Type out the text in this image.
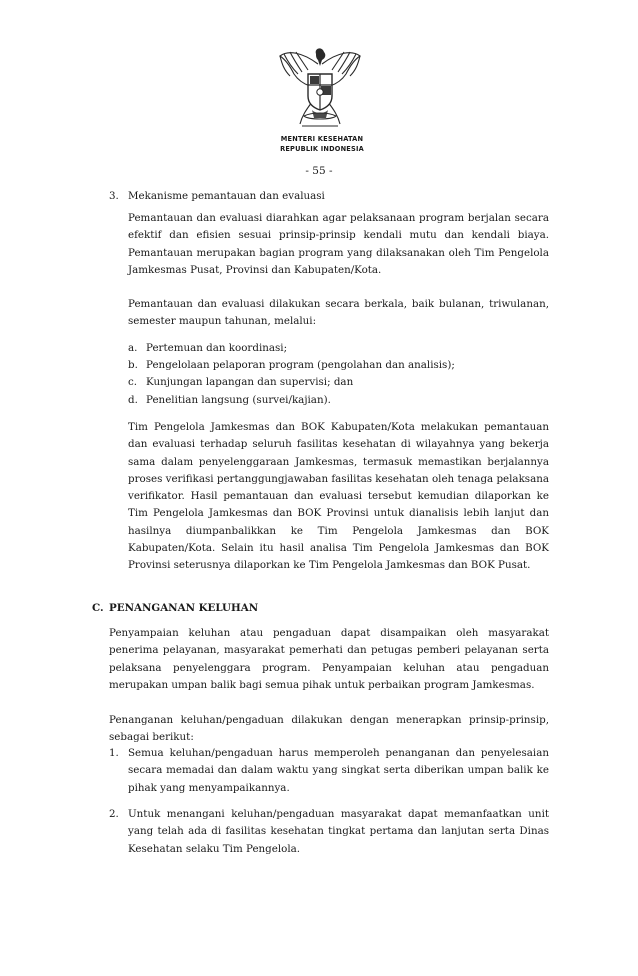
MENTERI KESEHATAN
REPUBLIK INDONESIA
- 55 -
3. Mekanisme pemantauan dan evaluasi
Pemantauan dan evaluasi diarahkan agar pelaksanaan program berjalan secara efektif dan efisien sesuai prinsip-prinsip kendali mutu dan kendali biaya. Pemantauan merupakan bagian program yang dilaksanakan oleh Tim Pengelola Jamkesmas Pusat, Provinsi dan Kabupaten/Kota.
Pemantauan dan evaluasi dilakukan secara berkala, baik bulanan, triwulanan, semester maupun tahunan, melalui:
a. Pertemuan dan koordinasi;
b. Pengelolaan pelaporan program (pengolahan dan analisis);
c. Kunjungan lapangan dan supervisi; dan
d. Penelitian langsung (survei/kajian).
Tim Pengelola Jamkesmas dan BOK Kabupaten/Kota melakukan pemantauan dan evaluasi terhadap seluruh fasilitas kesehatan di wilayahnya yang bekerja sama dalam penyelenggaraan Jamkesmas, termasuk memastikan berjalannya proses verifikasi pertanggungjawaban fasilitas kesehatan oleh tenaga pelaksana verifikator. Hasil pemantauan dan evaluasi tersebut kemudian dilaporkan ke Tim Pengelola Jamkesmas dan BOK Provinsi untuk dianalisis lebih lanjut dan hasilnya diumpanbalikkan ke Tim Pengelola Jamkesmas dan BOK Kabupaten/Kota. Selain itu hasil analisa Tim Pengelola Jamkesmas dan BOK Provinsi seterusnya dilaporkan ke Tim Pengelola Jamkesmas dan BOK Pusat.
C. PENANGANAN KELUHAN
Penyampaian keluhan atau pengaduan dapat disampaikan oleh masyarakat penerima pelayanan, masyarakat pemerhati dan petugas pemberi pelayanan serta pelaksana penyelenggara program. Penyampaian keluhan atau pengaduan merupakan umpan balik bagi semua pihak untuk perbaikan program Jamkesmas.
Penanganan keluhan/pengaduan dilakukan dengan menerapkan prinsip-prinsip, sebagai berikut:
1. Semua keluhan/pengaduan harus memperoleh penanganan dan penyelesaian secara memadai dan dalam waktu yang singkat serta diberikan umpan balik ke pihak yang menyampaikannya.
2. Untuk menangani keluhan/pengaduan masyarakat dapat memanfaatkan unit yang telah ada di fasilitas kesehatan tingkat pertama dan lanjutan serta Dinas Kesehatan selaku Tim Pengelola.
